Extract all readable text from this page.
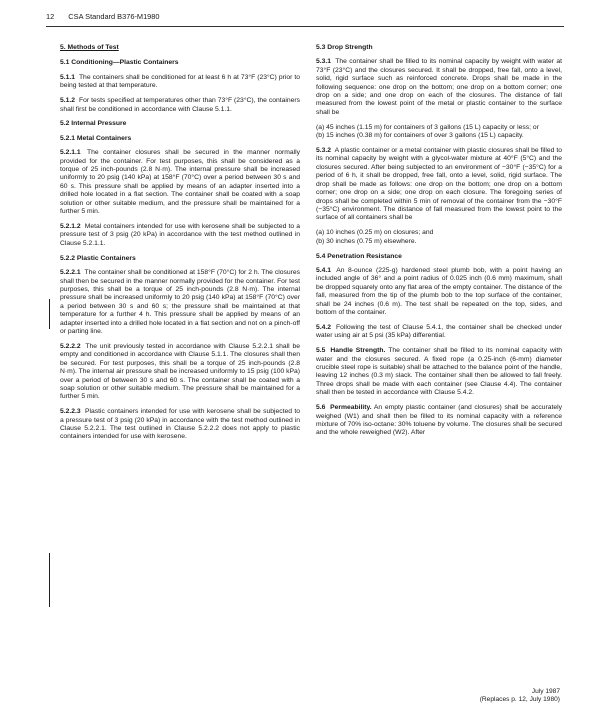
12 CSA Standard B376-M1980
5. Methods of Test
5.1 Conditioning—Plastic Containers

5.1.1 The containers shall be conditioned for at least 6 h at 73°F (23°C) prior to being tested at that temperature.

5.1.2 For tests specified at temperatures other than 73°F (23°C), the containers shall first be conditioned in accordance with Clause 5.1.1.

5.2 Internal Pressure
5.2.1 Metal Containers

5.2.1.1 The container closures shall be secured in the manner normally provided for the container. For test purposes, this shall be considered as a torque of 25 inch-pounds (2.8 N·m). The internal pressure shall be increased uniformly to 20 psig (140 kPa) at 158°F (70°C) over a period between 30 s and 60 s. This pressure shall be applied by means of an adapter inserted into a drilled hole located in a flat section. The container shall be coated with a soap solution or other suitable medium, and the pressure shall be maintained for a further 5 min.

5.2.1.2 Metal containers intended for use with kerosene shall be subjected to a pressure test of 3 psig (20 kPa) in accordance with the test method outlined in Clause 5.2.1.1.

5.2.2 Plastic Containers

5.2.2.1 The container shall be conditioned at 158°F (70°C) for 2 h. The closures shall then be secured in the manner normally provided for the container. For test purposes, this shall be a torque of 25 inch-pounds (2.8 N·m). The internal pressure shall be increased uniformly to 20 psig (140 kPa) at 158°F (70°C) over a period between 30 s and 60 s; the pressure shall be maintained at that temperature for a further 4 h. This pressure shall be applied by means of an adapter inserted into a drilled hole located in a flat section and not on a pinch-off or parting line.

5.2.2.2 The unit previously tested in accordance with Clause 5.2.2.1 shall be empty and conditioned in accordance with Clause 5.1.1. The closures shall then be secured. For test purposes, this shall be a torque of 25 inch-pounds (2.8 N·m). The internal air pressure shall be increased uniformly to 15 psig (100 kPa) over a period of between 30 s and 60 s. The container shall be coated with a soap solution or other suitable medium. The pressure shall be maintained for a further 5 min.

5.2.2.3 Plastic containers intended for use with kerosene shall be subjected to a pressure test of 3 psig (20 kPa) in accordance with the test method outlined in Clause 5.2.2.1. The test outlined in Clause 5.2.2.2 does not apply to plastic containers intended for use with kerosene.

5.3 Drop Strength

5.3.1 The container shall be filled to its nominal capacity by weight with water at 73°F (23°C) and the closures secured. It shall be dropped, free fall, onto a level, solid, rigid surface such as reinforced concrete. Drops shall be made in the following sequence: one drop on the bottom; one drop on a bottom corner; one drop on a side; and one drop on each of the closures. The distance of fall measured from the lowest point of the metal or plastic container to the surface shall be

(a) 45 inches (1.15 m) for containers of 3 gallons (15 L) capacity or less; or
(b) 15 inches (0.38 m) for containers of over 3 gallons (15 L) capacity.

5.3.2 A plastic container or a metal container with plastic closures shall be filled to its nominal capacity by weight with a glycol-water mixture at 40°F (5°C) and the closures secured. After being subjected to an environment of −30°F (−35°C) for a period of 6 h, it shall be dropped, free fall, onto a level, solid, rigid surface. The drop shall be made as follows: one drop on the bottom; one drop on a bottom corner; one drop on a side; one drop on each closure. The foregoing series of drops shall be completed within 5 min of removal of the container from the −30°F (−35°C) environment. The distance of fall measured from the lowest point to the surface of all containers shall be

(a) 10 inches (0.25 m) on closures; and
(b) 30 inches (0.75 m) elsewhere.
5.4 Penetration Resistance

5.4.1 An 8-ounce (225-g) hardened steel plumb bob, with a point having an included angle of 36° and a point radius of 0.025 inch (0.6 mm) maximum, shall be dropped squarely onto any flat area of the empty container. The distance of the fall, measured from the tip of the plumb bob to the top surface of the container, shall be 24 inches (0.6 m). The test shall be repeated on the top, sides, and bottom of the container.

5.4.2 Following the test of Clause 5.4.1, the container shall be checked under water using air at 5 psi (35 kPa) differential.

5.5 Handle Strength. The container shall be filled to its nominal capacity with water and the closures secured. A fixed rope (a 0.25-inch (6-mm) diameter crucible steel rope is suitable) shall be attached to the balance point of the handle, leaving 12 inches (0.3 m) slack. The container shall then be allowed to fall freely. Three drops shall be made with each container (see Clause 4.4). The container shall then be tested in accordance with Clause 5.4.2.

5.6 Permeability. An empty plastic container (and closures) shall be accurately weighed (W1) and shall then be filled to its nominal capacity with a reference mixture of 70% iso-octane: 30% toluene by volume. The closures shall be secured and the whole reweighed (W2). After

July 1987
(Replaces p. 12, July 1980)
